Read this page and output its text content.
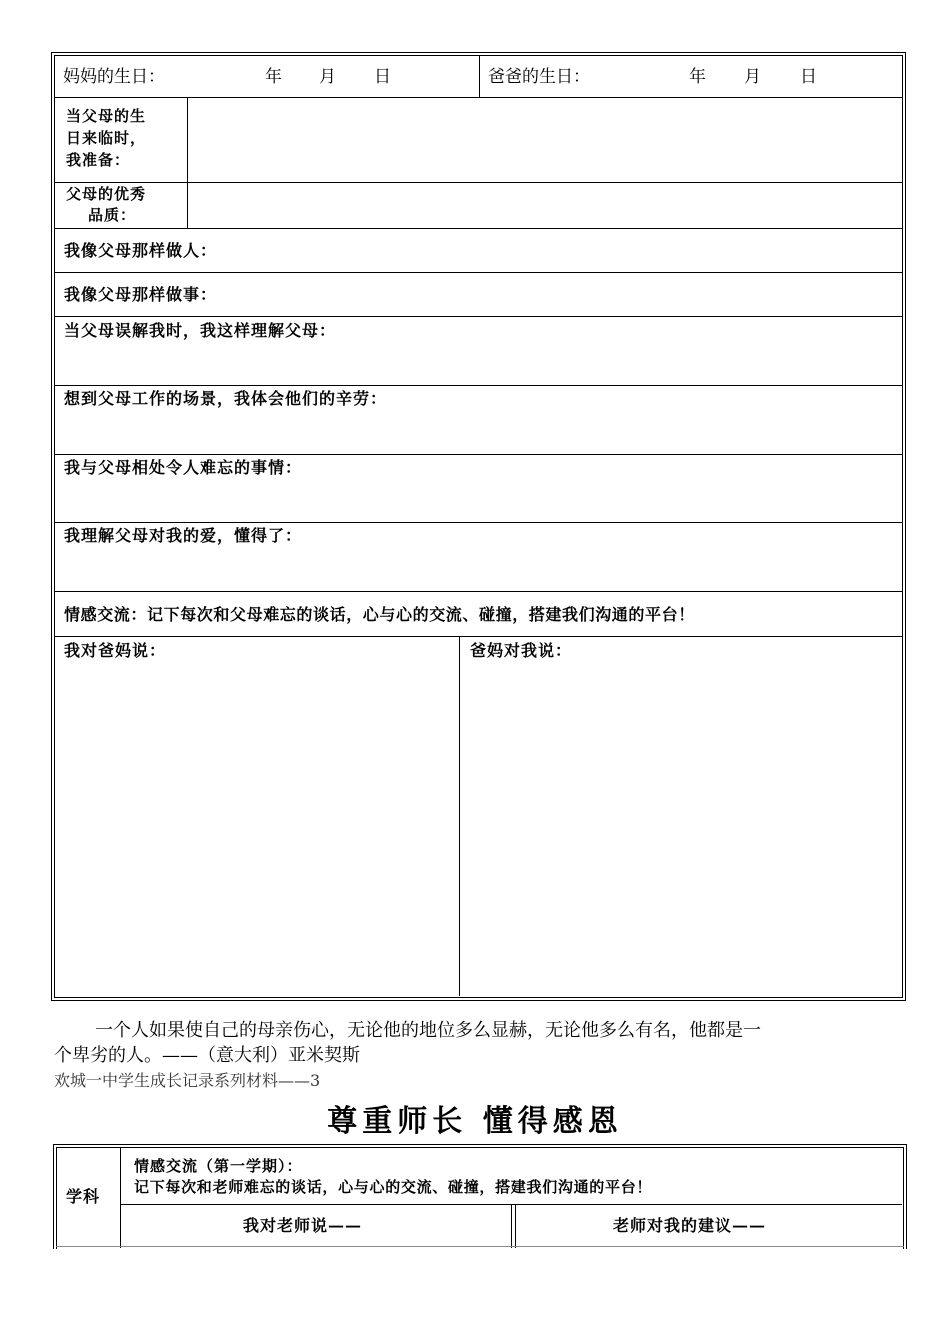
妈妈的生日：	年 月 日	爸爸的生日：	年 月 日
当父母的生
日来临时，
我准备：
父母的优秀
品质：
我像父母那样做人：
我像父母那样做事：
当父母误解我时，我这样理解父母：
想到父母工作的场景，我体会他们的辛劳：
我与父母相处令人难忘的事情：
我理解父母对我的爱，懂得了：
情感交流：记下每次和父母难忘的谈话，心与心的交流、碰撞，搭建我们沟通的平台！
我对爸妈说：	爸妈对我说：
一个人如果使自己的母亲伤心，无论他的地位多么显赫，无论他多么有名，他都是一
个卑劣的人。——（意大利）亚米契斯
欢城一中学生成长记录系列材料——3
尊重师长 懂得感恩
学科
情感交流（第一学期）：
记下每次和老师难忘的谈话，心与心的交流、碰撞，搭建我们沟通的平台！
我对老师说——	老师对我的建议——
